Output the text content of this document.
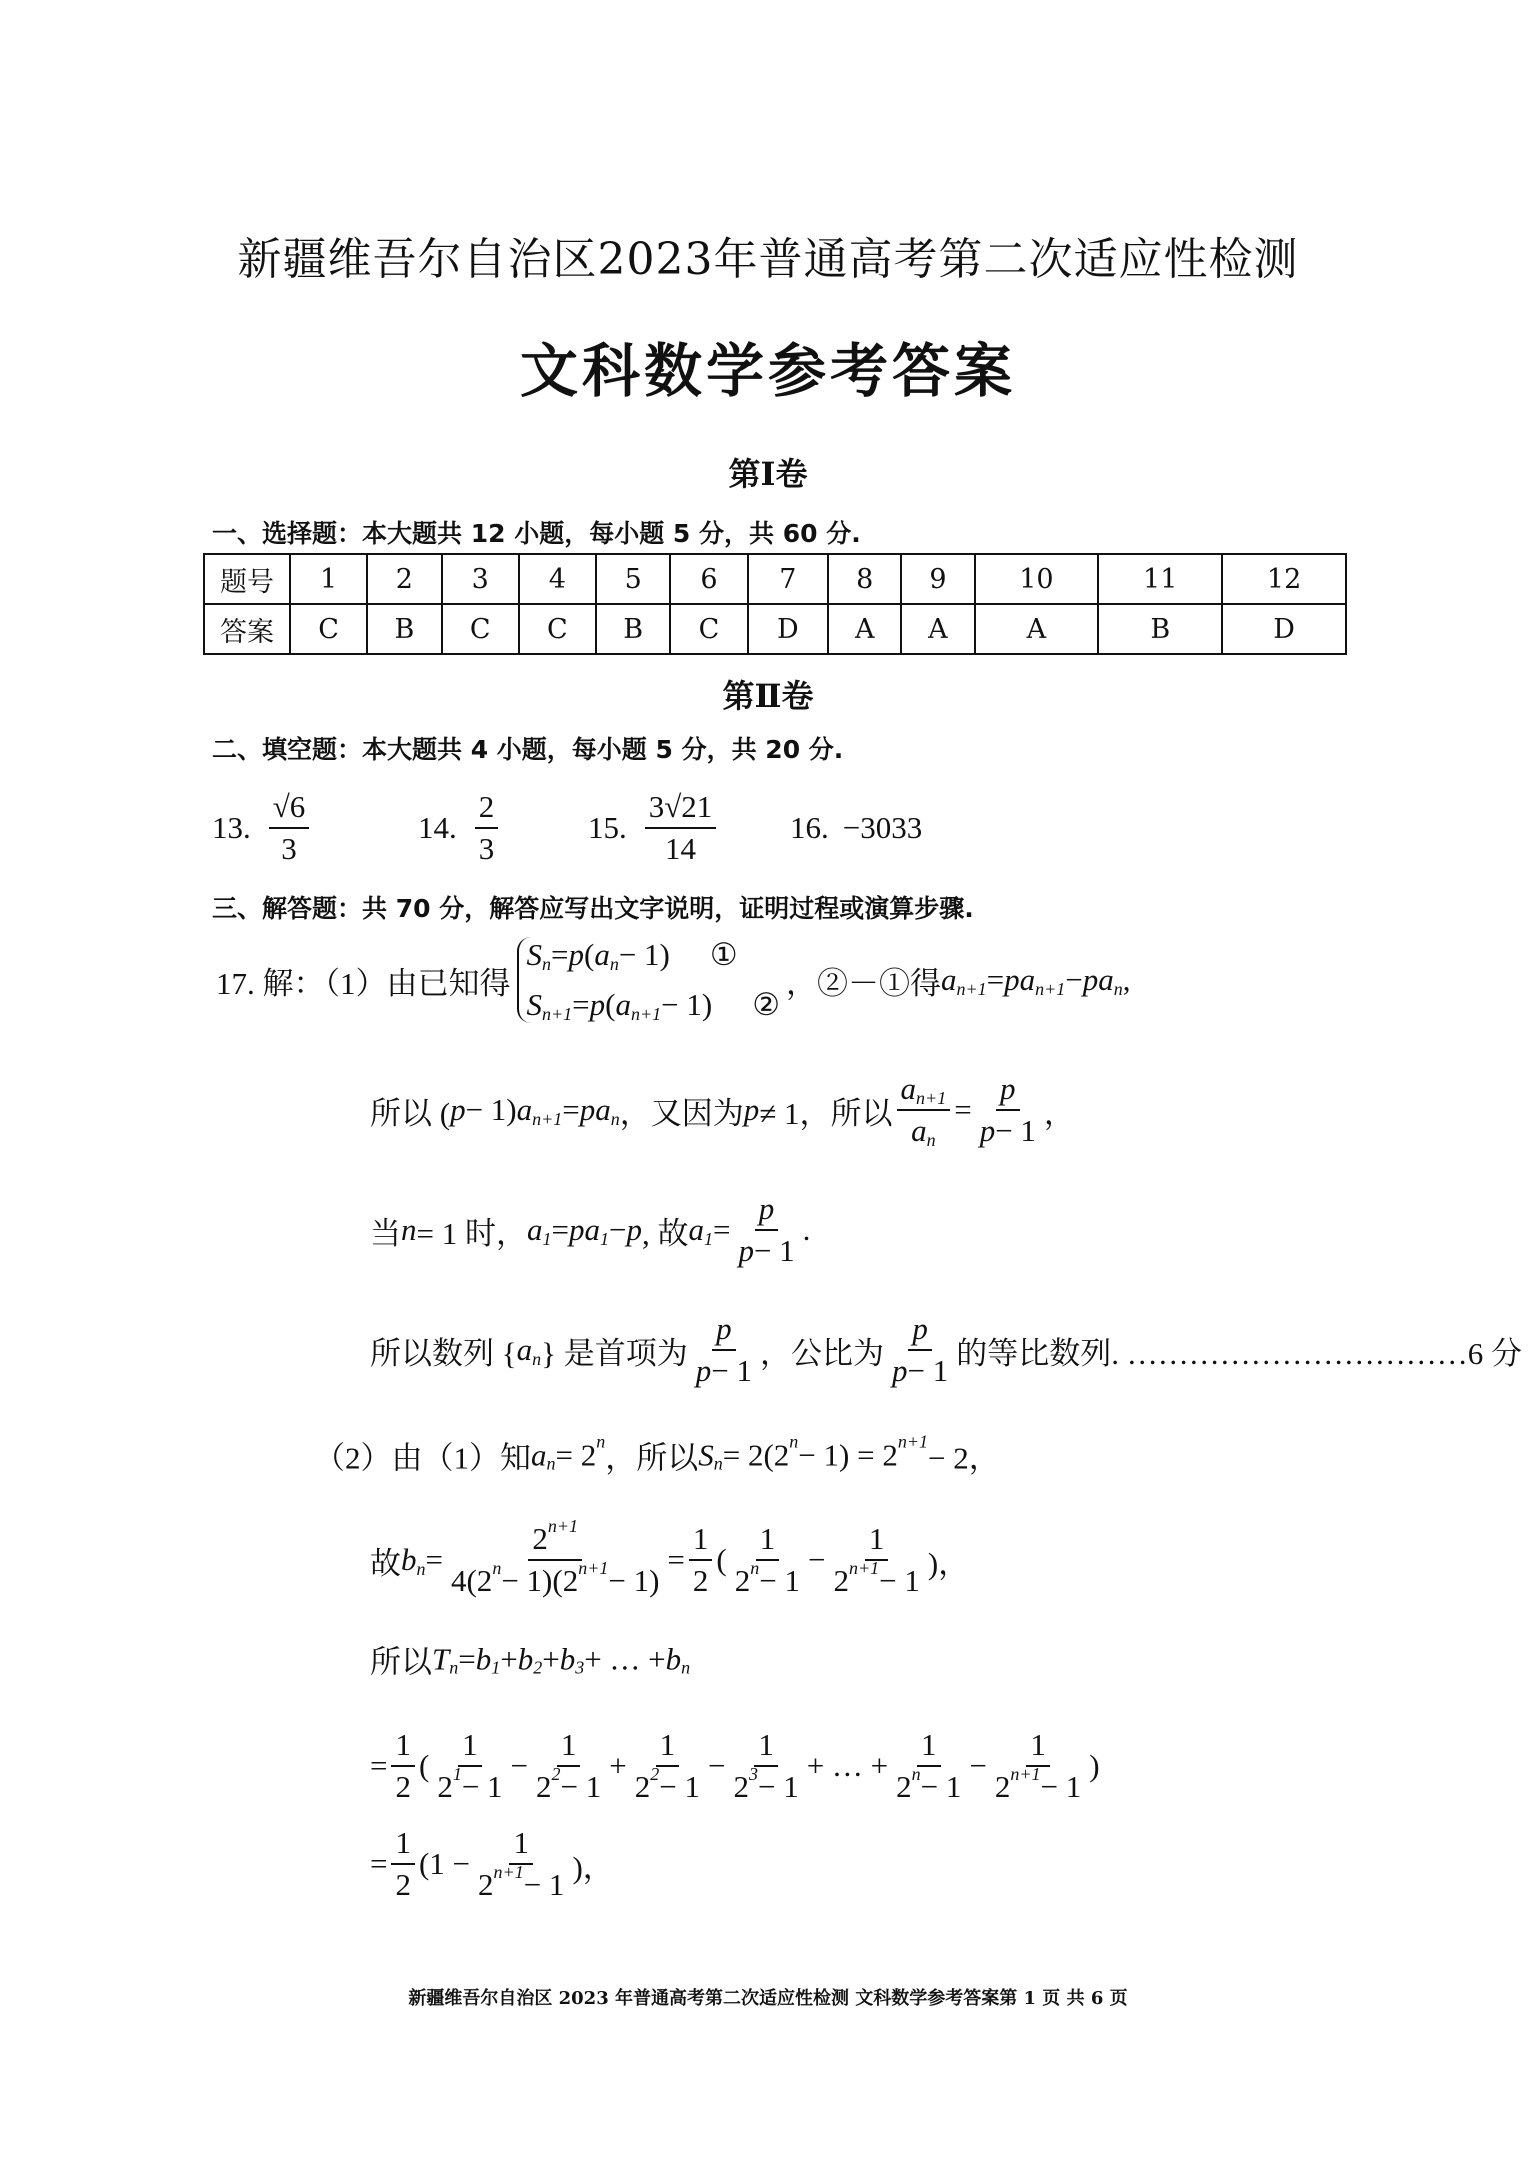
新疆维吾尔自治区2023年普通高考第二次适应性检测
文科数学参考答案
第Ⅰ卷
一、选择题：本大题共 12 小题，每小题 5 分，共 60 分.
题号	1	2	3	4	5	6	7	8	9	10	11	12
答案	C	B	C	C	B	C	D	A	A	A	B	D
第Ⅱ卷
二、填空题：本大题共 4 小题，每小题 5 分，共 20 分.
13. $\frac{√6}{3}$	14. $\frac{2}{3}$	15. $\frac{3√21}{14} 16$. −3033
三、解答题：共 70 分，解答应写出文字说明，证明过程或演算步骤.
17. 解：（1）由已知得
S n = p ( a n − 1) ①
S n+1 = p ( a n+1 − 1) ②
，②－①得 a n+1 = pa n+1 − pa n ,
所以 ( p − 1) a n+1 = pa n ，又因为 p ≠ 1，所以 $\frac{\text{a n+1}}{\text{a n}} = \frac{p}{p - 1}$ ，
当 n = 1 时， a 1 = pa 1 − p , 故 a $1 = \frac{p}{p - 1}$ .
所以数列 { a n } 是首项为 $\frac{p}{p - 1}$ ，公比为 $\frac{p}{p - 1}$ 的等比数列. ……………………………6 分
（2）由（1）知 a n = 2 n ，所以 S n = 2(2 n − 1) = 2 n+1 − 2，
故 b $n = \frac{2 n+1}{4(2 n - 1)(2 n+1 - 1)} = \frac{1}{2}$ ( $\frac{1}{2 n - 1} - \frac{1}{2 n+1 - 1}$ )，
所以 T n = b 1 + b 2 + b 3 + … + b n
= $\frac{1}{2}$ ( $\frac{1}{2 1 - 1} - \frac{1}{2 2 - 1} + \frac{1}{2 2 - 1} - \frac{1}{2 3 - 1}$ + … + $\frac{1}{2 n - 1} - \frac{1}{2 n+1 - 1}$ )
= $\frac{1}{2} (1 - \frac{1}{2 n+1 - 1}$ )，
新疆维吾尔自治区 2023 年普通高考第二次适应性检测 文科数学参考答案第 1 页 共 6 页
